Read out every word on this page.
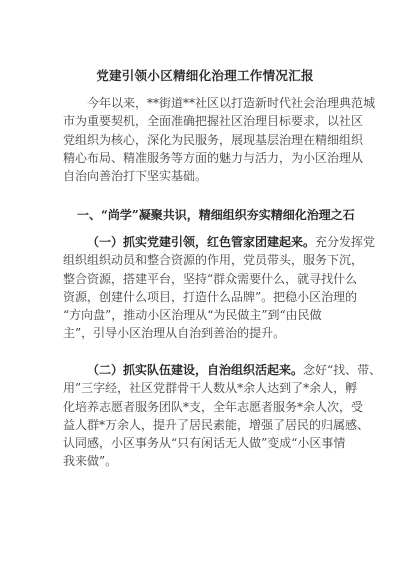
党建引领小区精细化治理工作情况汇报
今年以来，**街道**社区以打造新时代社会治理典范城
市为重要契机，全面准确把握社区治理目标要求，以社区
党组织为核心，深化为民服务，展现基层治理在精细组织
精心布局、精准服务等方面的魅力与活力，为小区治理从
自治向善治打下坚实基础。
一、“尚学”凝聚共识，精细组织夯实精细化治理之石
（一）抓实党建引领，红色管家团建起来。充分发挥党
组织组织动员和整合资源的作用，党员带头，服务下沉，
整合资源，搭建平台，坚持“群众需要什么，就寻找什么
资源，创建什么项目，打造什么品牌”。把稳小区治理的
“方向盘”，推动小区治理从“为民做主”到“由民做
主”，引导小区治理从自治到善治的提升。
（二）抓实队伍建设，自治组织活起来。念好“找、带、
用”三字经，社区党群骨干人数从*余人达到了*余人，孵
化培养志愿者服务团队*支，全年志愿者服务*余人次，受
益人群*万余人，提升了居民素能，增强了居民的归属感、
认同感，小区事务从“只有闲话无人做”变成“小区事情
我来做”。
